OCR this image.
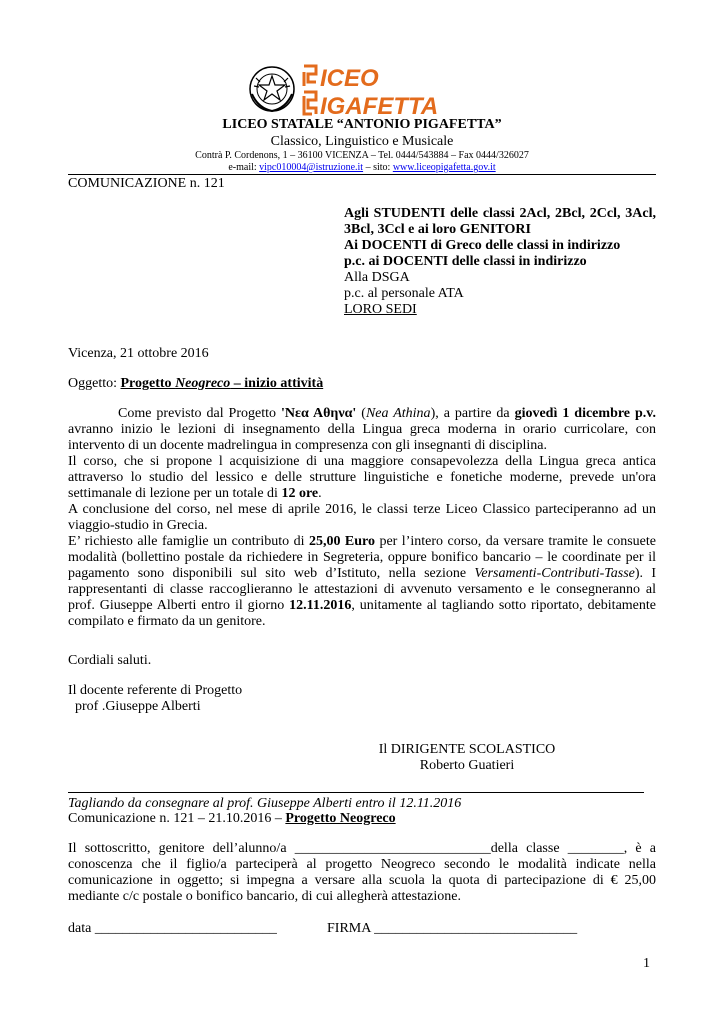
ICEO
IGAFETTA
LICEO STATALE “ANTONIO PIGAFETTA”
Classico, Linguistico e Musicale
Contrà P. Cordenons, 1 – 36100 VICENZA – Tel. 0444/543884 – Fax 0444/326027
e-mail: vipc010004@istruzione.it – sito: www.liceopigafetta.gov.it
COMUNICAZIONE n. 121
Agli STUDENTI delle classi 2Acl, 2Bcl, 2Ccl, 3Acl, 3Bcl, 3Ccl e ai loro GENITORI
Ai DOCENTI di Greco delle classi in indirizzo
p.c. ai DOCENTI delle classi in indirizzo
Alla DSGA
p.c. al personale ATA
LORO SEDI
Vicenza, 21 ottobre 2016
Oggetto: Progetto Neogreco – inizio attività

Come previsto dal Progetto 'Νεα Αθηνα' (Nea Athina), a partire da giovedì 1 dicembre p.v. avranno inizio le lezioni di insegnamento della Lingua greca moderna in orario curricolare, con intervento di un docente madrelingua in compresenza con gli insegnanti di disciplina.

Il corso, che si propone l acquisizione di una maggiore consapevolezza della Lingua greca antica attraverso lo studio del lessico e delle strutture linguistiche e fonetiche moderne, prevede un'ora settimanale di lezione per un totale di 12 ore.

A conclusione del corso, nel mese di aprile 2016, le classi terze Liceo Classico parteciperanno ad un viaggio-studio in Grecia.

E’ richiesto alle famiglie un contributo di 25,00 Euro per l’intero corso, da versare tramite le consuete modalità (bollettino postale da richiedere in Segreteria, oppure bonifico bancario – le coordinate per il pagamento sono disponibili sul sito web d’Istituto, nella sezione Versamenti-Contributi-Tasse). I rappresentanti di classe raccoglieranno le attestazioni di avvenuto versamento e le consegneranno al prof. Giuseppe Alberti entro il giorno 12.11.2016, unitamente al tagliando sotto riportato, debitamente compilato e firmato da un genitore.

Cordiali saluti.
Il docente referente di Progetto
prof .Giuseppe Alberti
Il DIRIGENTE SCOLASTICO
Roberto Guatieri
Tagliando da consegnare al prof. Giuseppe Alberti entro il 12.11.2016
Comunicazione n. 121 – 21.10.2016 – Progetto Neogreco
Il sottoscritto, genitore dell’alunno/a ____________________________della classe ________, è a conoscenza che il figlio/a parteciperà al progetto Neogreco secondo le modalità indicate nella comunicazione in oggetto; si impegna a versare alla scuola la quota di partecipazione di € 25,00 mediante c/c postale o bonifico bancario, di cui allegherà attestazione.
data __________________________	FIRMA _____________________________
1
